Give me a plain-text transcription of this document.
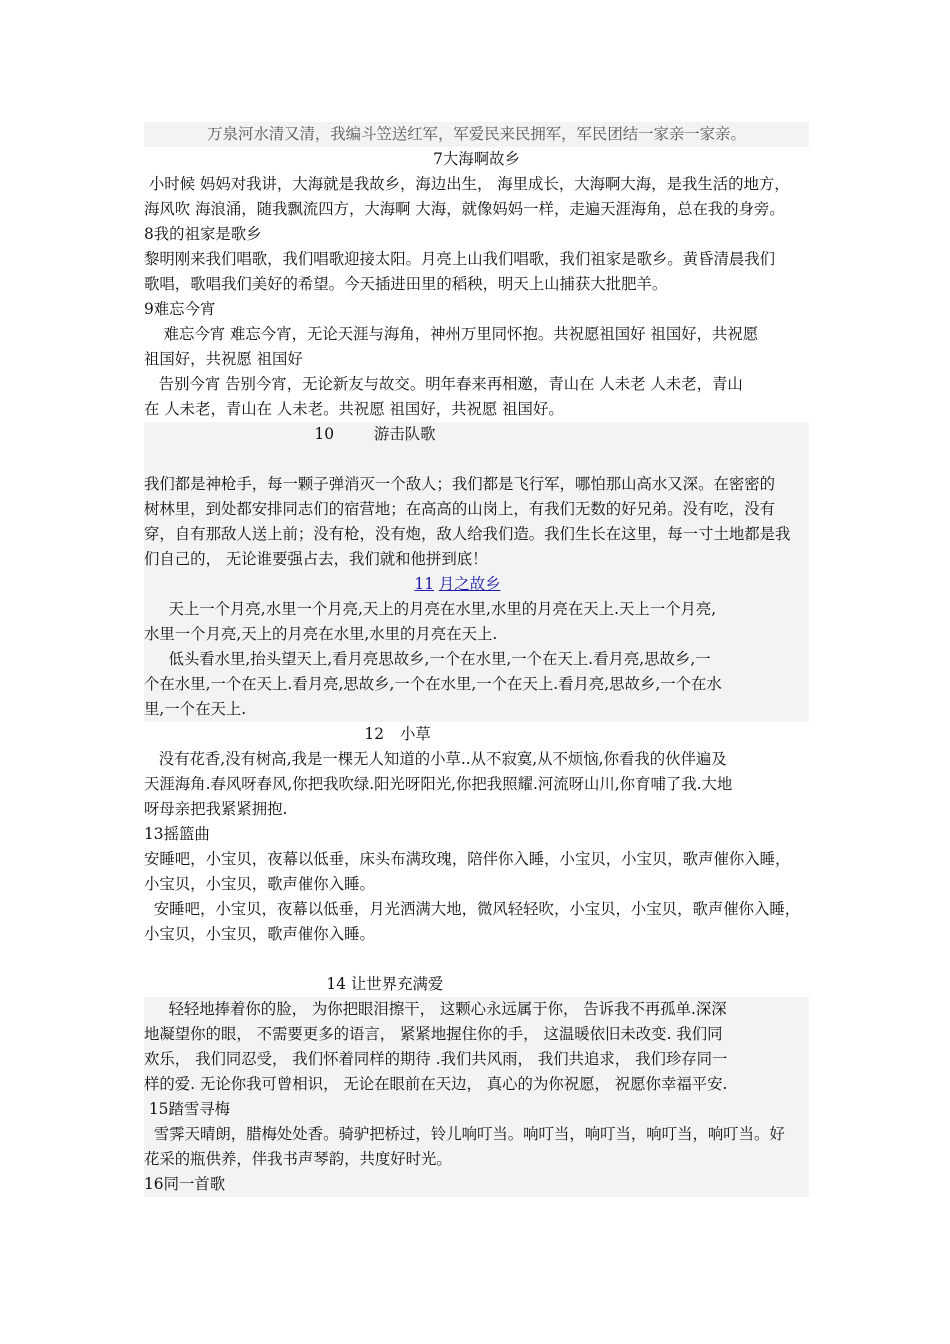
万泉河水清又清，我编斗笠送红军，军爱民来民拥军，军民团结一家亲一家亲。
7大海啊故乡
小时候 妈妈对我讲，大海就是我故乡，海边出生， 海里成长，大海啊大海，是我生活的地方，
海风吹 海浪涌，随我飘流四方，大海啊 大海，就像妈妈一样，走遍天涯海角，总在我的身旁。
8我的祖家是歌乡
黎明刚来我们唱歌，我们唱歌迎接太阳。月亮上山我们唱歌，我们祖家是歌乡。黄昏清晨我们
歌唱，歌唱我们美好的希望。今天插进田里的稻秧，明天上山捕获大批肥羊。
9难忘今宵
难忘今宵 难忘今宵，无论天涯与海角，神州万里同怀抱。共祝愿祖国好 祖国好，共祝愿
祖国好，共祝愿 祖国好
告别今宵 告别今宵，无论新友与故交。明年春来再相邀，青山在 人未老 人未老，青山
在 人未老，青山在 人未老。共祝愿 祖国好，共祝愿 祖国好。
10	游击队歌
我们都是神枪手，每一颗子弹消灭一个敌人；我们都是飞行军，哪怕那山高水又深。在密密的
树林里，到处都安排同志们的宿营地；在高高的山岗上，有我们无数的好兄弟。没有吃，没有
穿，自有那敌人送上前；没有枪，没有炮，敌人给我们造。我们生长在这里，每一寸土地都是我
们自己的， 无论谁要强占去，我们就和他拼到底！
11 月之故乡
天上一个月亮,水里一个月亮,天上的月亮在水里,水里的月亮在天上.天上一个月亮,
水里一个月亮,天上的月亮在水里,水里的月亮在天上.
低头看水里,抬头望天上,看月亮思故乡,一个在水里,一个在天上.看月亮,思故乡,一
个在水里,一个在天上.看月亮,思故乡,一个在水里,一个在天上.看月亮,思故乡,一个在水
里,一个在天上.
12 小草
没有花香,没有树高,我是一棵无人知道的小草..从不寂寞,从不烦恼,你看我的伙伴遍及
天涯海角.春风呀春风,你把我吹绿.阳光呀阳光,你把我照耀.河流呀山川,你育哺了我.大地
呀母亲把我紧紧拥抱.
13摇篮曲
安睡吧，小宝贝，夜幕以低垂，床头布满玫瑰，陪伴你入睡，小宝贝，小宝贝，歌声催你入睡，
小宝贝，小宝贝，歌声催你入睡。
安睡吧，小宝贝，夜幕以低垂，月光洒满大地，微风轻轻吹，小宝贝，小宝贝，歌声催你入睡，
小宝贝，小宝贝，歌声催你入睡。
14 让世界充满爱
轻轻地捧着你的脸， 为你把眼泪擦干， 这颗心永远属于你， 告诉我不再孤单.深深
地凝望你的眼， 不需要更多的语言， 紧紧地握住你的手， 这温暖依旧未改变. 我们同
欢乐， 我们同忍受， 我们怀着同样的期待 .我们共风雨， 我们共追求， 我们珍存同一
样的爱. 无论你我可曾相识， 无论在眼前在天边， 真心的为你祝愿， 祝愿你幸福平安.
15踏雪寻梅
雪霁天晴朗，腊梅处处香。骑驴把桥过，铃儿响叮当。响叮当，响叮当，响叮当，响叮当。好
花采的瓶供养，伴我书声琴韵，共度好时光。
16同一首歌
